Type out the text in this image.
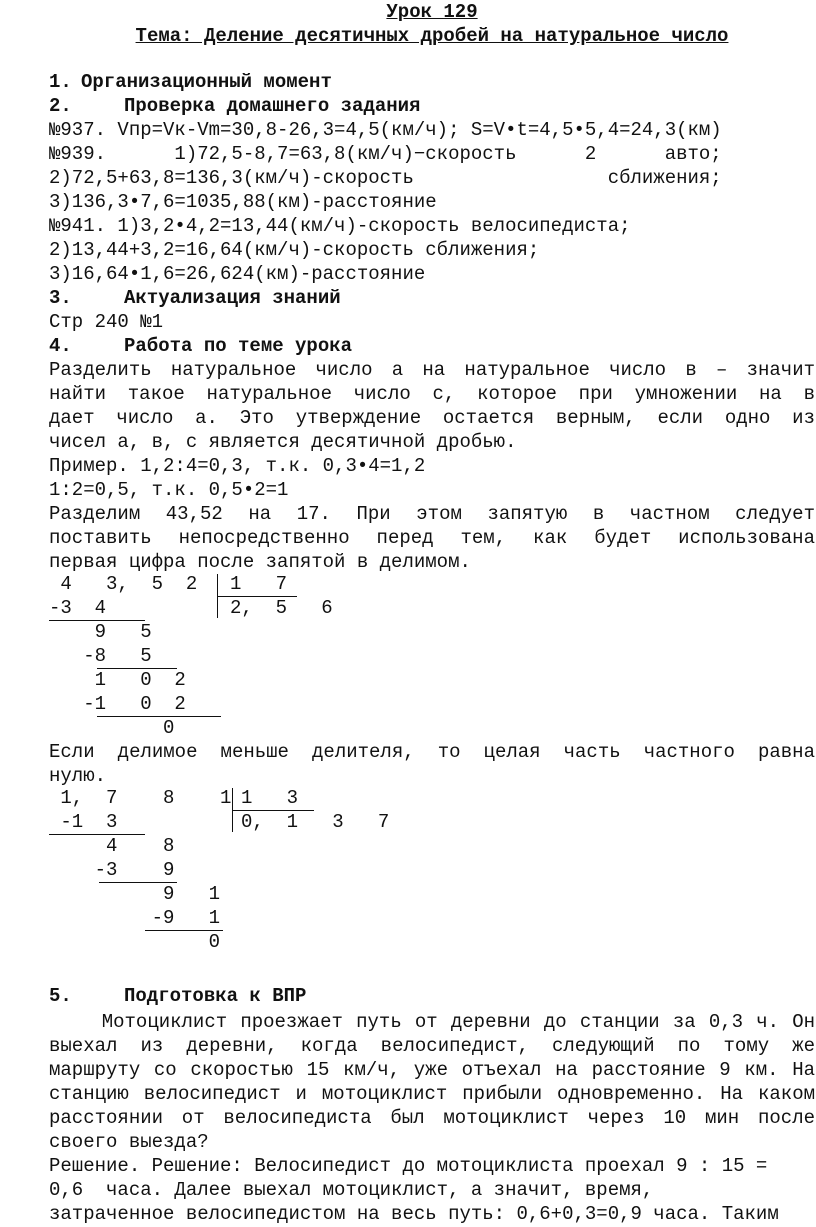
Урок 129
Тема: Деление десятичных дробей на натуральное число
1. Организационный момент
2.	Проверка домашнего задания
№937. Vпр=Vк-Vm=30,8-26,3=4,5(км/ч); S=V•t=4,5•5,4=24,3(км)
№939.      1)72,5-8,7=63,8(км/ч)−скорость      2      авто;
2)72,5+63,8=136,3(км/ч)-скорость                 сближения;
3)136,3•7,6=1035,88(км)-расстояние
№941. 1)3,2•4,2=13,44(км/ч)-скорость велосипедиста;
2)13,44+3,2=16,64(км/ч)-скорость сближения;
3)16,64•1,6=26,624(км)-расстояние
3.	Актуализация знаний
Стр 240 №1
4.	Работа по теме урока
Разделить натуральное число а на натуральное число в – значит
найти такое натуральное число с, которое при умножении на в
дает число а. Это утверждение остается верным, если одно из
чисел а, в, с является десятичной дробью.
Пример. 1,2:4=0,3, т.к. 0,3•4=1,2
1:2=0,5, т.к. 0,5•2=1
Разделим 43,52 на 17. При этом запятую в частном следует
поставить непосредственно перед тем, как будет использована
первая цифра после запятой в делимом.
4   3,  5  2
-3  4
9   5
-8   5
1   0  2
-1   0  2
0
1   7
2,  5   6
Если делимое меньше делителя, то целая часть частного равна
нулю.
1,  7    8    1
-1  3
4    8
-3    9
9   1
-9   1
0
1   3
0,  1   3   7
5.	Подготовка к ВПР
Мотоциклист проезжает путь от деревни до станции за 0,3 ч. Он
выехал из деревни, когда велосипедист, следующий по тому же
маршруту со скоростью 15 км/ч, уже отъехал на расстояние 9 км. На
станцию велосипедист и мотоциклист прибыли одновременно. На каком
расстоянии от велосипедиста был мотоциклист через 10 мин после
своего выезда?
Решение. Решение: Велосипедист до мотоциклиста проехал 9 : 15 =
0,6  часа. Далее выехал мотоциклист, а значит, время,
затраченное велосипедистом на весь путь: 0,6+0,3=0,9 часа. Таким
